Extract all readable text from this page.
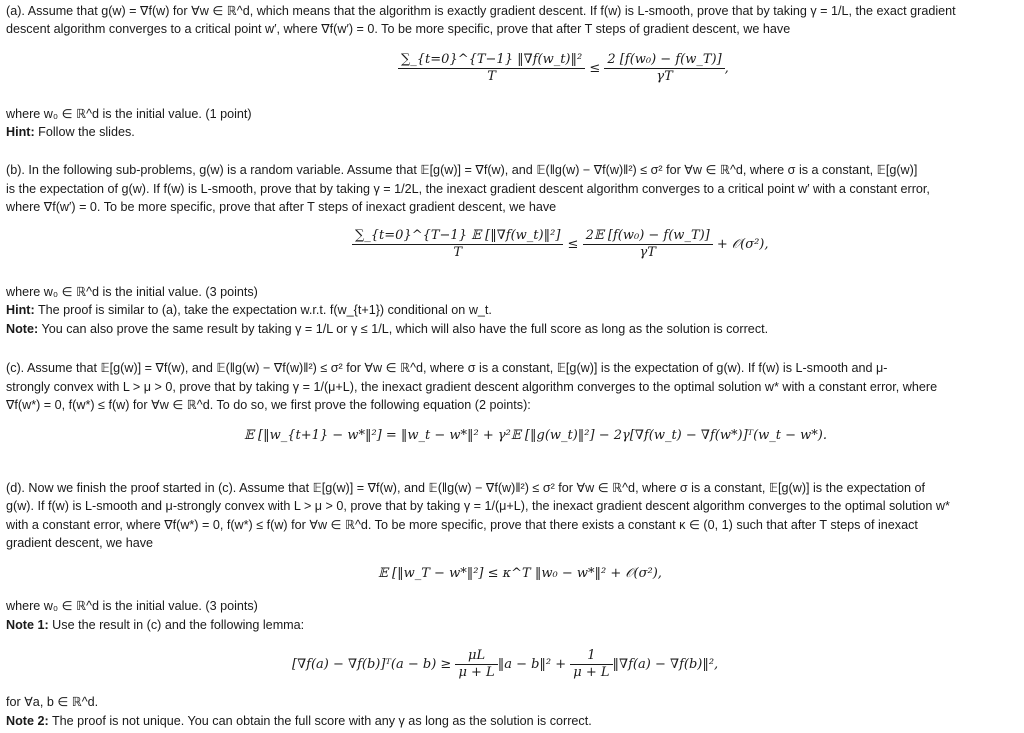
(a). Assume that g(w) = ∇f(w) for ∀w ∈ ℝ^d, which means that the algorithm is exactly gradient descent. If f(w) is L-smooth, prove that by taking γ = 1/L, the exact gradient
descent algorithm converges to a critical point w′, where ∇f(w′) = 0. To be more specific, prove that after T steps of gradient descent, we have
$\frac{\text{∑\_\{t=0\}\textasciicircum{}\{T−1\} ‖∇f(w\_t)‖²}}{T} \le \frac{\text{2 [f(w₀) − f(w\_T)]}}{\gamma T}$ ,
where w₀ ∈ ℝ^d is the initial value. (1 point)
Hint: Follow the slides.
(b). In the following sub-problems, g(w) is a random variable. Assume that 𝔼[g(w)] = ∇f(w), and 𝔼(‖g(w) − ∇f(w)‖²) ≤ σ² for ∀w ∈ ℝ^d, where σ is a constant, 𝔼[g(w)]
is the expectation of g(w). If f(w) is L-smooth, prove that by taking γ = 1/2L, the inexact gradient descent algorithm converges to a critical point w′ with a constant error,
where ∇f(w′) = 0. To be more specific, prove that after T steps of inexact gradient descent, we have
$\frac{\text{∑\_\{t=0\}\textasciicircum{}\{T−1\} 𝔼 [‖∇f(w\_t)‖²]}}{T} \le \frac{\text{2𝔼 [f(w₀) − f(w\_T)]}}{\gamma T}$ + 𝒪(σ²),
where w₀ ∈ ℝ^d is the initial value. (3 points)
Hint: The proof is similar to (a), take the expectation w.r.t. f(w_{t+1}) conditional on w_t.
Note: You can also prove the same result by taking γ = 1/L or γ ≤ 1/L, which will also have the full score as long as the solution is correct.
(c). Assume that 𝔼[g(w)] = ∇f(w), and 𝔼(‖g(w) − ∇f(w)‖²) ≤ σ² for ∀w ∈ ℝ^d, where σ is a constant, 𝔼[g(w)] is the expectation of g(w). If f(w) is L-smooth and μ-
strongly convex with L > μ > 0, prove that by taking γ = 1/(μ+L), the inexact gradient descent algorithm converges to the optimal solution w* with a constant error, where
∇f(w*) = 0, f(w*) ≤ f(w) for ∀w ∈ ℝ^d. To do so, we first prove the following equation (2 points):
𝔼 [‖w_{t+1} − w*‖²] = ‖w_t − w*‖² + γ²𝔼 [‖g(w_t)‖²] − 2γ[∇f(w_t) − ∇f(w*)]ᵀ(w_t − w*).
(d). Now we finish the proof started in (c). Assume that 𝔼[g(w)] = ∇f(w), and 𝔼(‖g(w) − ∇f(w)‖²) ≤ σ² for ∀w ∈ ℝ^d, where σ is a constant, 𝔼[g(w)] is the expectation of
g(w). If f(w) is L-smooth and μ-strongly convex with L > μ > 0, prove that by taking γ = 1/(μ+L), the inexact gradient descent algorithm converges to the optimal solution w*
with a constant error, where ∇f(w*) = 0, f(w*) ≤ f(w) for ∀w ∈ ℝ^d. To be more specific, prove that there exists a constant κ ∈ (0, 1) such that after T steps of inexact
gradient descent, we have
𝔼 [‖w_T − w*‖²] ≤ κ^T ‖w₀ − w*‖² + 𝒪(σ²),
where w₀ ∈ ℝ^d is the initial value. (3 points)
Note 1: Use the result in (c) and the following lemma:
[∇f(a) − ∇f(b)]ᵀ(a − $b) \ge \frac{\mu L}{\mu + L}$ ‖a − b‖² + $\frac{1}{\mu + L}$ ‖∇f(a) − ∇f(b)‖²,
for ∀a, b ∈ ℝ^d.
Note 2: The proof is not unique. You can obtain the full score with any γ as long as the solution is correct.
